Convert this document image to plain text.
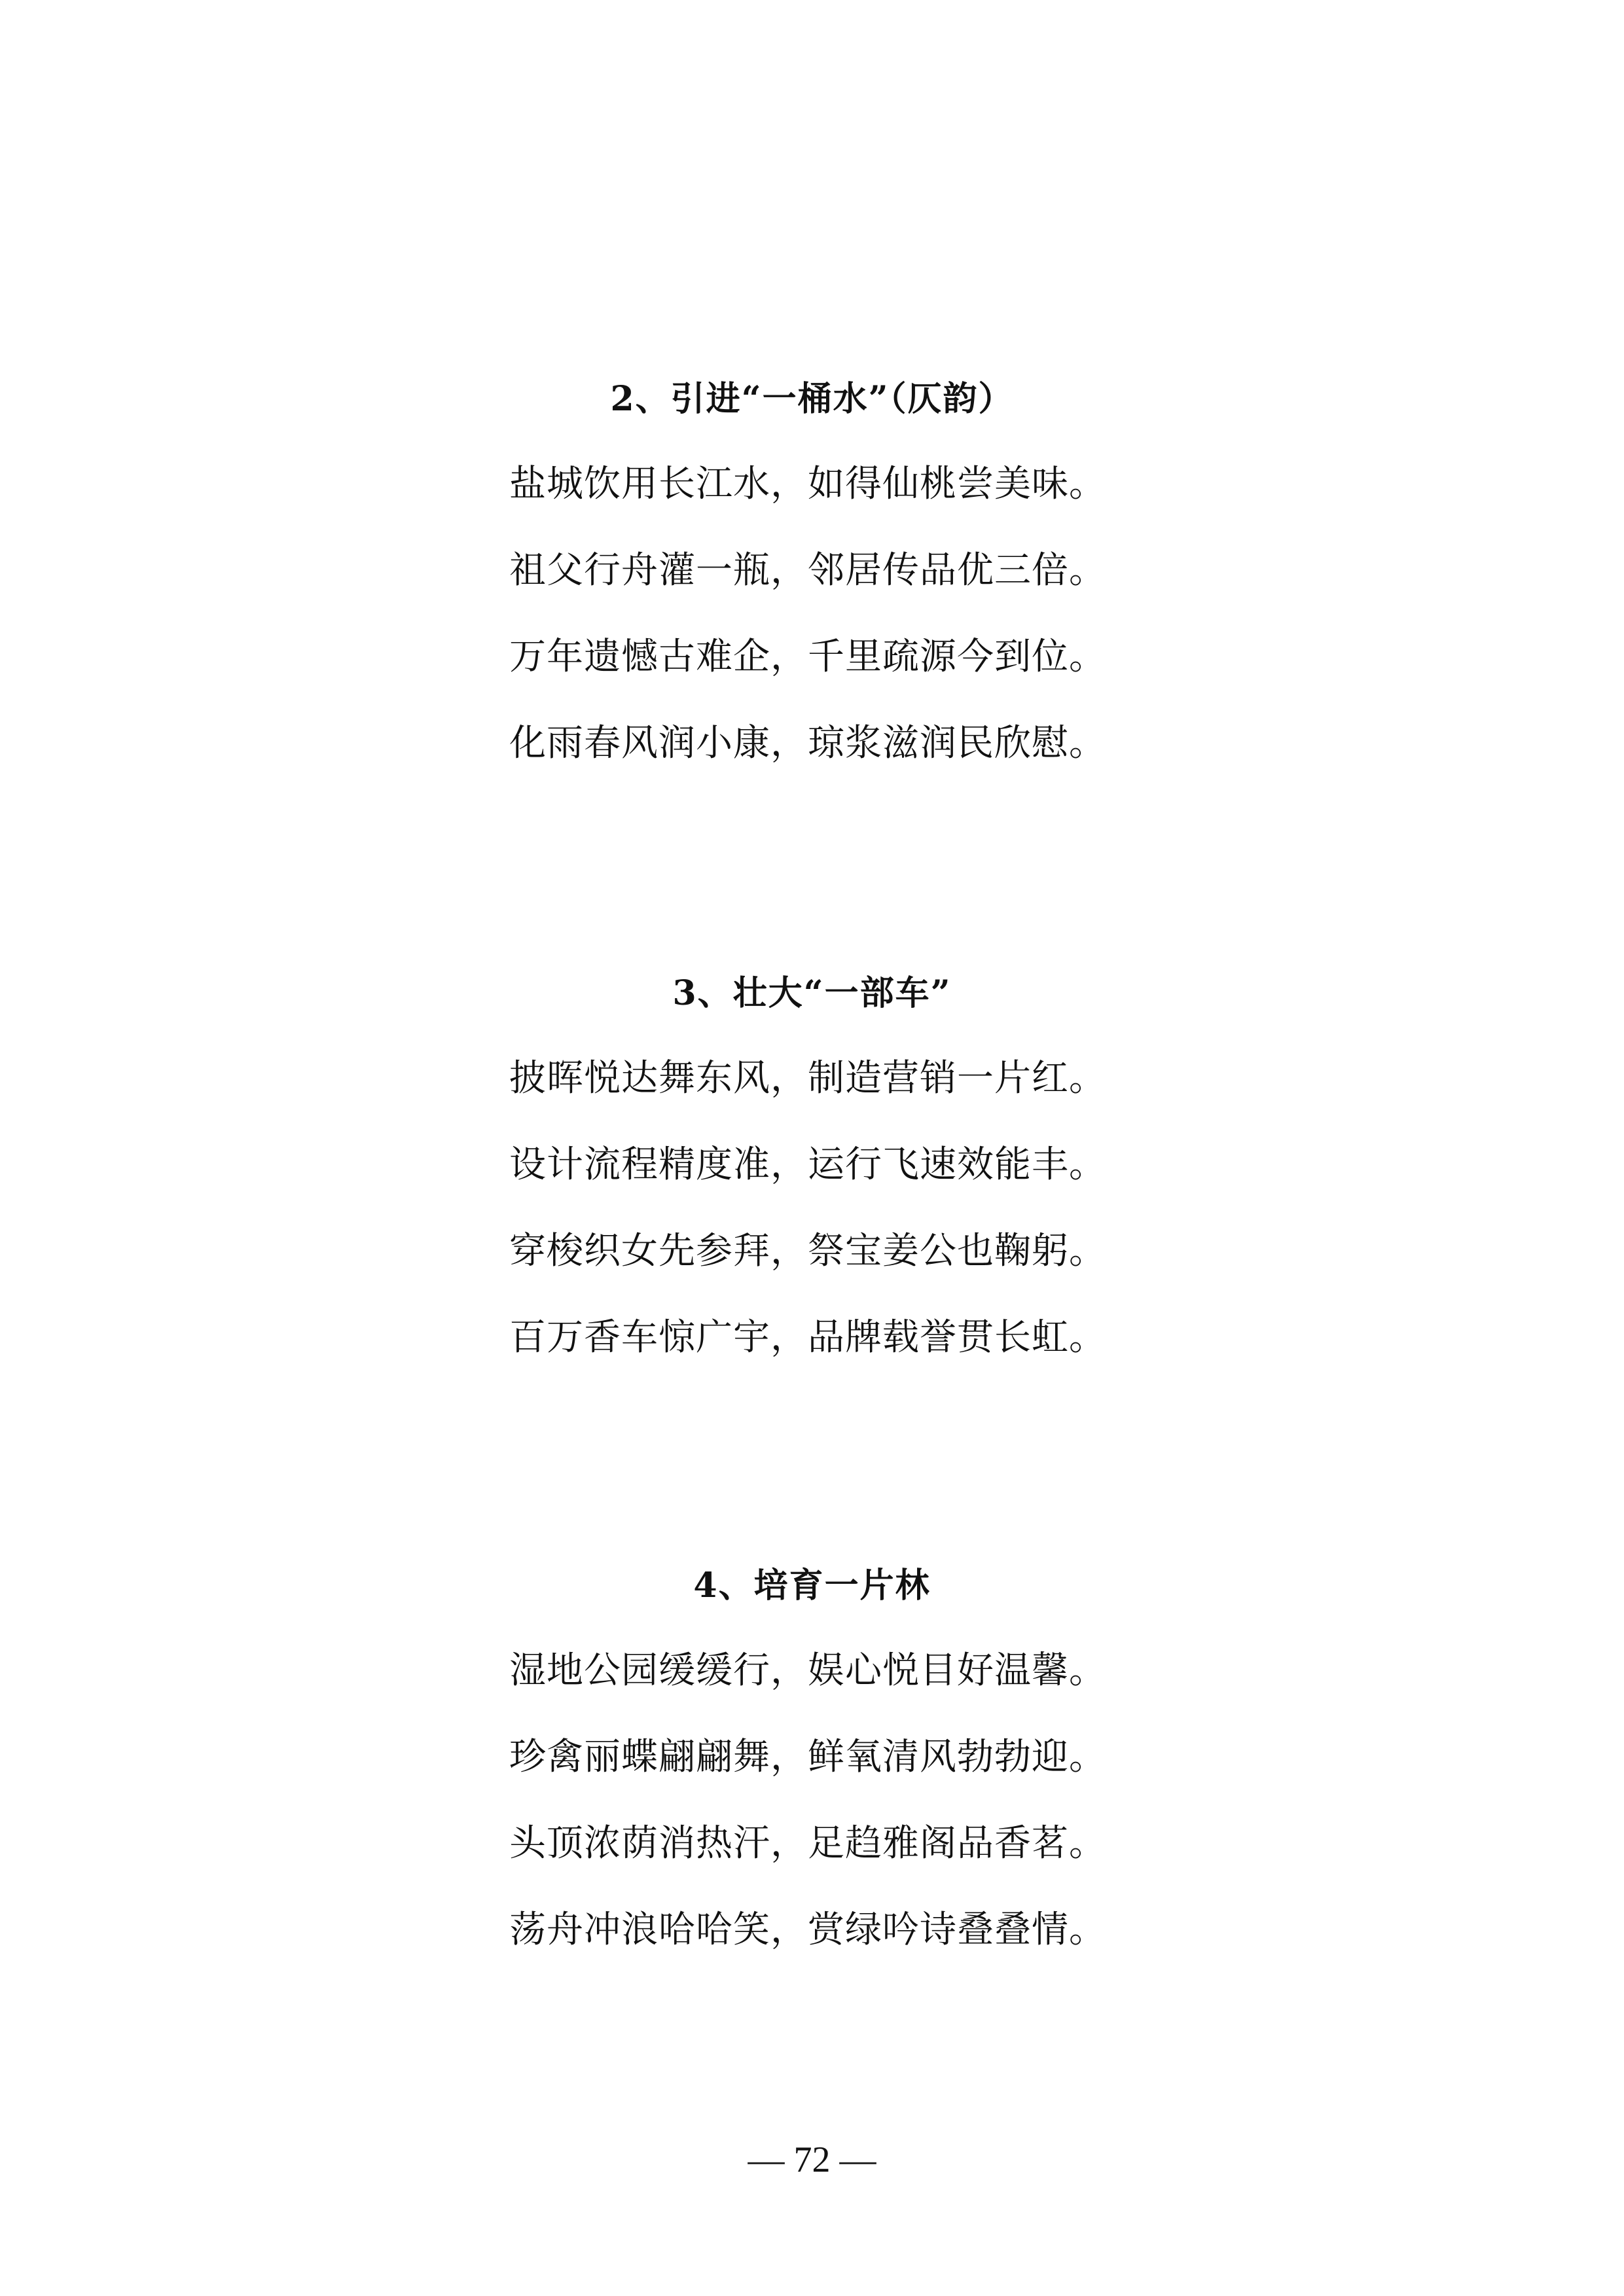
2、引进“一桶水”（仄韵）
盐城饮用长江水，如得仙桃尝美味。
祖父行舟灌一瓶，邻居传品优三倍。
万年遗憾古难企，千里疏源今到位。
化雨春风润小康，琼浆滋润民欣慰。
3、壮大“一部车”
披晖悦达舞东风，制造营销一片红。
设计流程精度准，运行飞速效能丰。
穿梭织女先参拜，祭宝姜公也鞠躬。
百万香车惊广宇，品牌载誉贯长虹。
4、培育一片林
湿地公园缓缓行，娱心悦目好温馨。
珍禽丽蝶翩翩舞，鲜氧清风勃勃迎。
头顶浓荫消热汗，足趋雅阁品香茗。
荡舟冲浪哈哈笑，赏绿吟诗叠叠情。
— 72 —
